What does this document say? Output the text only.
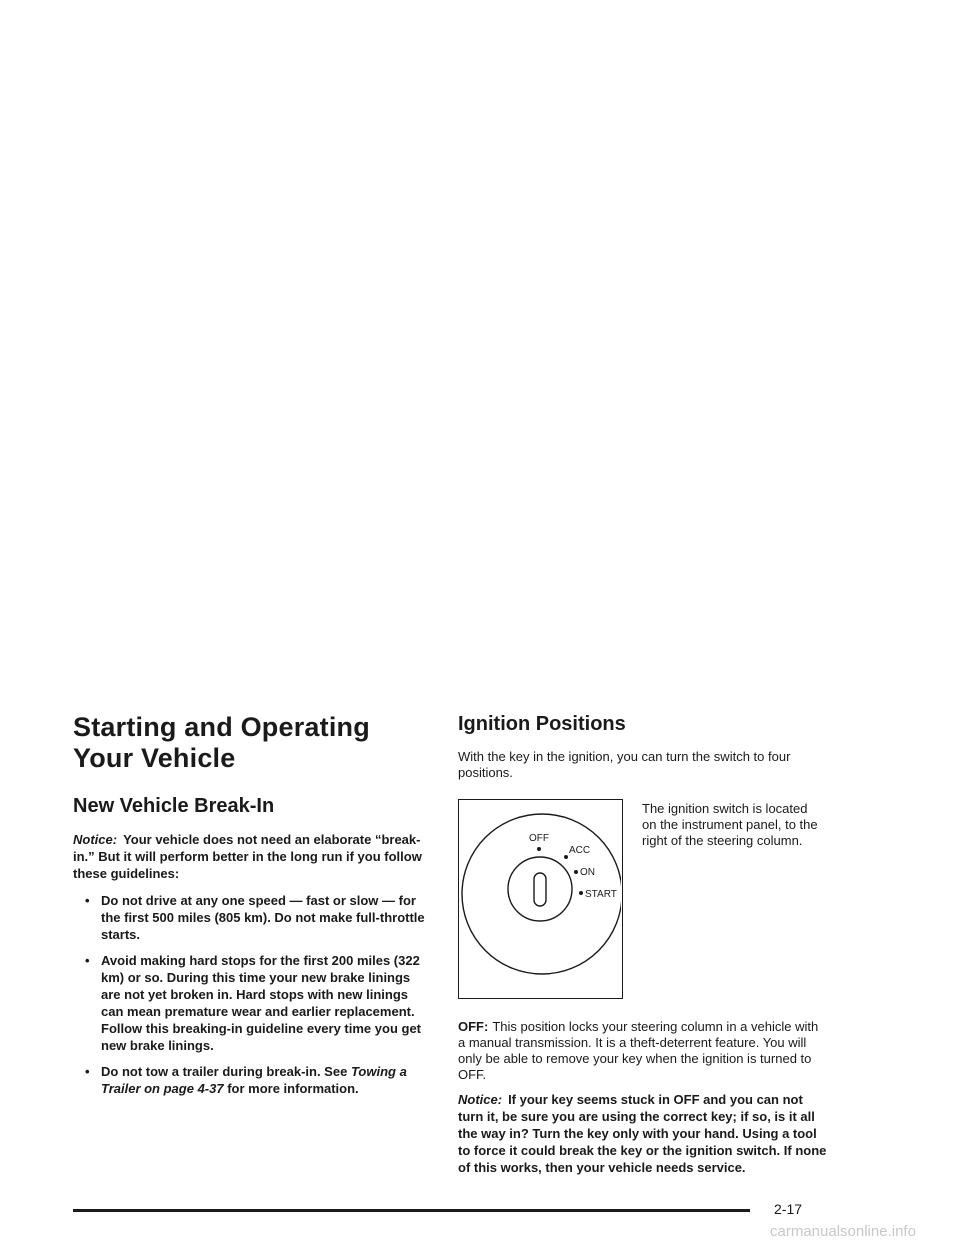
Starting and Operating Your Vehicle
New Vehicle Break-In

Notice: Your vehicle does not need an elaborate “break-in.” But it will perform better in the long run if you follow these guidelines:

• Do not drive at any one speed — fast or slow — for the first 500 miles (805 km). Do not make full-throttle starts.
• Avoid making hard stops for the first 200 miles (322 km) or so. During this time your new brake linings are not yet broken in. Hard stops with new linings can mean premature wear and earlier replacement. Follow this breaking-in guideline every time you get new brake linings.
• Do not tow a trailer during break-in. See Towing a Trailer on page 4-37 for more information.
Ignition Positions

With the key in the ignition, you can turn the switch to four positions.

OFF
ACC
ON
START
The ignition switch is located on the instrument panel, to the right of the steering column.

OFF: This position locks your steering column in a vehicle with a manual transmission. It is a theft-deterrent feature. You will only be able to remove your key when the ignition is turned to OFF.

Notice: If your key seems stuck in OFF and you can not turn it, be sure you are using the correct key; if so, is it all the way in? Turn the key only with your hand. Using a tool to force it could break the key or the ignition switch. If none of this works, then your vehicle needs service.

2-17
carmanualsonline.info
